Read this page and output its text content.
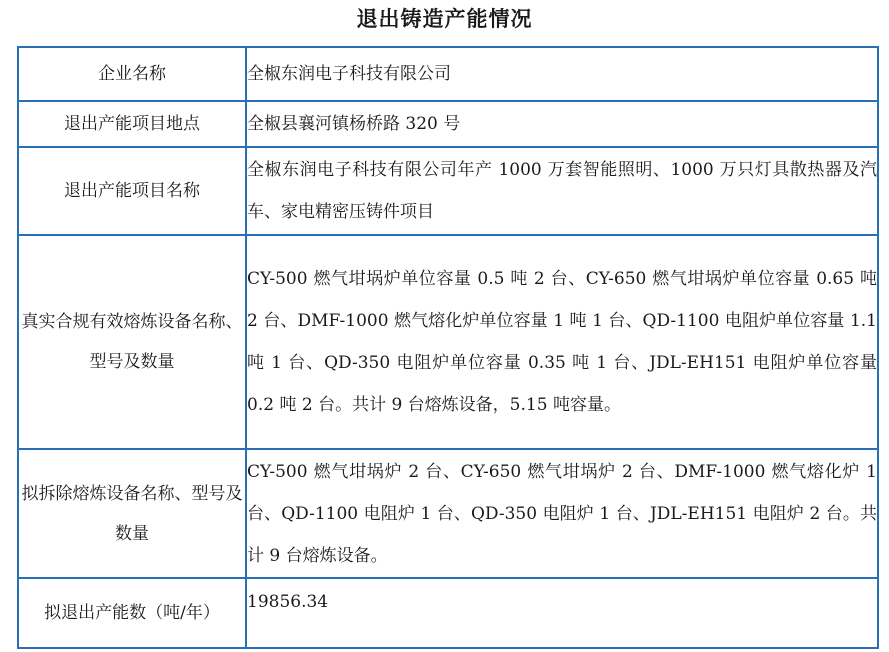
退出铸造产能情况
企业名称	全椒东润电子科技有限公司
退出产能项目地点	全椒县襄河镇杨桥路 320 号
退出产能项目名称	全椒东润电子科技有限公司年产 1000 万套智能照明、1000 万只灯具散热器及汽车、家电精密压铸件项目
真实合规有效熔炼设备名称、型号及数量	CY-500 燃气坩埚炉单位容量 0.5 吨 2 台、CY-650 燃气坩埚炉单位容量 0.65 吨 2 台、DMF-1000 燃气熔化炉单位容量 1 吨 1 台、QD-1100 电阻炉单位容量 1.1 吨 1 台、QD-350 电阻炉单位容量 0.35 吨 1 台、JDL-EH151 电阻炉单位容量 0.2 吨 2 台。共计 9 台熔炼设备，5.15 吨容量。
拟拆除熔炼设备名称、型号及数量	CY-500 燃气坩埚炉 2 台、CY-650 燃气坩埚炉 2 台、DMF-1000 燃气熔化炉 1 台、QD-1100 电阻炉 1 台、QD-350 电阻炉 1 台、JDL-EH151 电阻炉 2 台。共计 9 台熔炼设备。
拟退出产能数（吨/年）	19856.34
